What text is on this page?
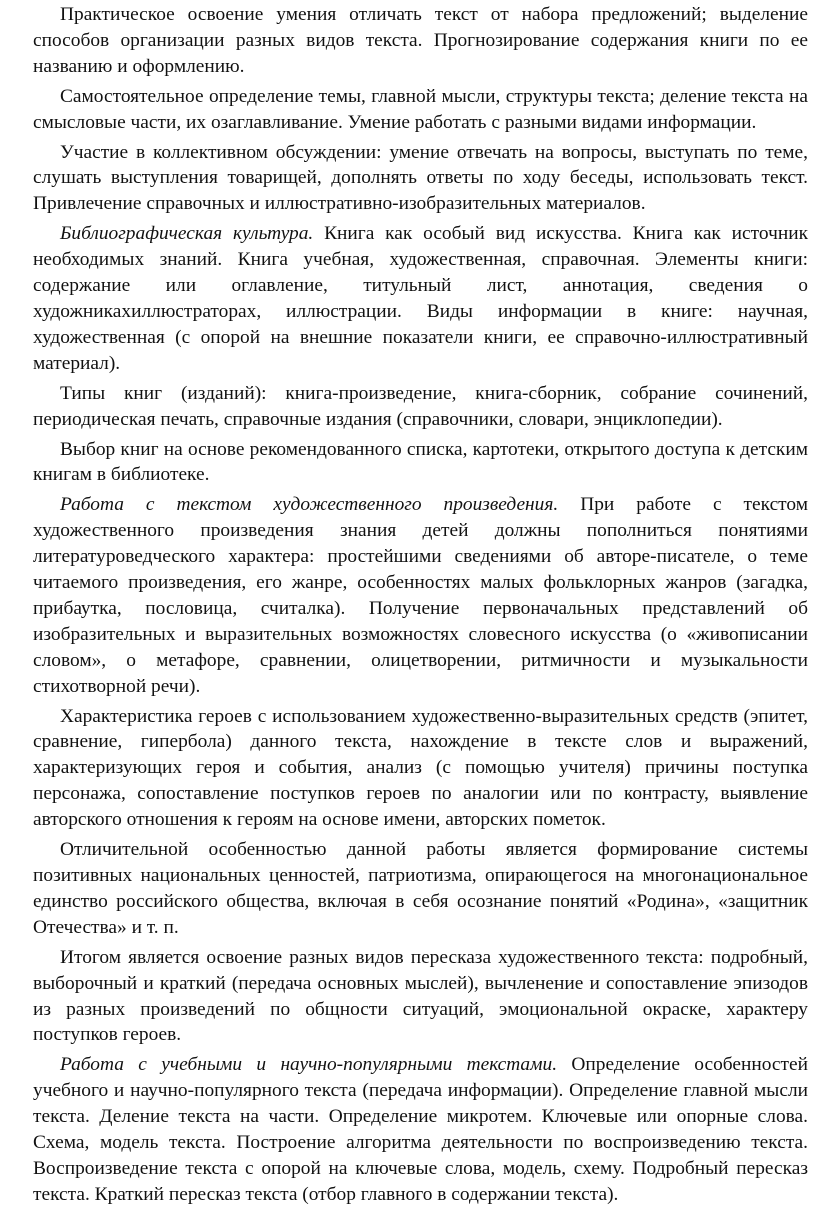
Практическое освоение умения отличать текст от набора предложений; выделение способов организации разных видов текста. Прогнозирование содержания книги по ее названию и оформлению.

Самостоятельное определение темы, главной мысли, структуры текста; деление текста на смысловые части, их озаглавливание. Умение работать с разными видами информации.

Участие в коллективном обсуждении: умение отвечать на вопросы, выступать по теме, слушать выступления товарищей, дополнять ответы по ходу беседы, использовать текст. Привлечение справочных и иллюстративно-изобразительных материалов.

Библиографическая культура. Книга как особый вид искусства. Книга как источник необходимых знаний. Книга учебная, художественная, справочная. Элементы книги: содержание или оглавление, титульный лист, аннотация, сведения о художникахиллюстраторах, иллюстрации. Виды информации в книге: научная, художественная (с опорой на внешние показатели книги, ее справочно-иллюстративный материал).

Типы книг (изданий): книга-произведение, книга-сборник, собрание сочинений, периодическая печать, справочные издания (справочники, словари, энциклопедии).

Выбор книг на основе рекомендованного списка, картотеки, открытого доступа к детским книгам в библиотеке.

Работа с текстом художественного произведения. При работе с текстом художественного произведения знания детей должны пополниться понятиями литературоведческого характера: простейшими сведениями об авторе-писателе, о теме читаемого произведения, его жанре, особенностях малых фольклорных жанров (загадка, прибаутка, пословица, считалка). Получение первоначальных представлений об изобразительных и выразительных возможностях словесного искусства (о «живописании словом», о метафоре, сравнении, олицетворении, ритмичности и музыкальности стихотворной речи).

Характеристика героев с использованием художественно-выразительных средств (эпитет, сравнение, гипербола) данного текста, нахождение в тексте слов и выражений, характеризующих героя и события, анализ (с помощью учителя) причины поступка персонажа, сопоставление поступков героев по аналогии или по контрасту, выявление авторского отношения к героям на основе имени, авторских пометок.

Отличительной особенностью данной работы является формирование системы позитивных национальных ценностей, патриотизма, опирающегося на многонациональное единство российского общества, включая в себя осознание понятий «Родина», «защитник Отечества» и т. п.

Итогом является освоение разных видов пересказа художественного текста: подробный, выборочный и краткий (передача основных мыслей), вычленение и сопоставление эпизодов из разных произведений по общности ситуаций, эмоциональной окраске, характеру поступков героев.

Работа с учебными и научно-популярными текстами. Определение особенностей учебного и научно-популярного текста (передача информации). Определение главной мысли текста. Деление текста на части. Определение микротем. Ключевые или опорные слова. Схема, модель текста. Построение алгоритма деятельности по воспроизведению текста. Воспроизведение текста с опорой на ключевые слова, модель, схему. Подробный пересказ текста. Краткий пересказ текста (отбор главного в содержании текста).
